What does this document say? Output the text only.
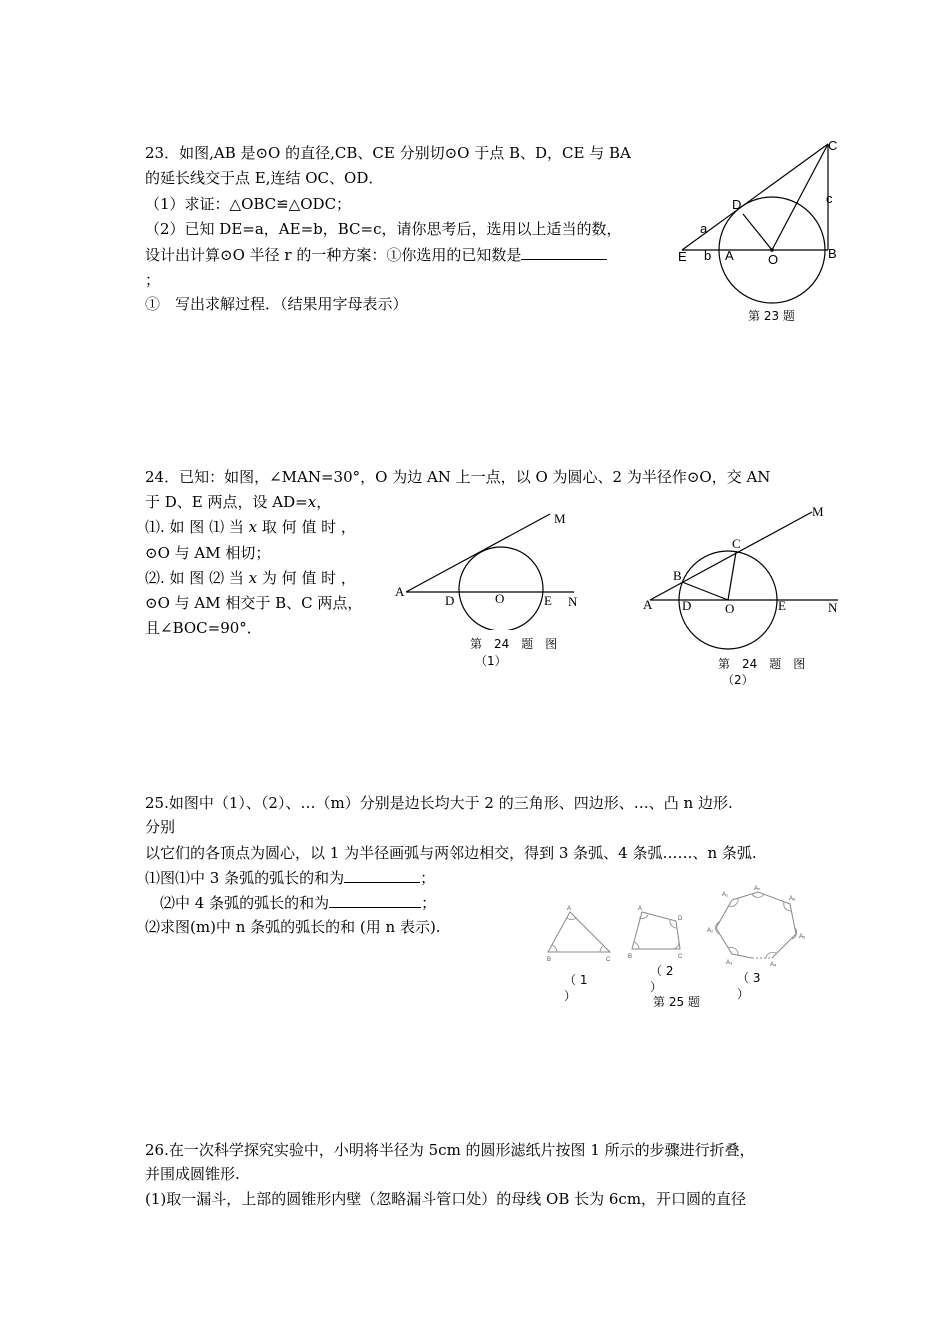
23．如图,AB 是⊙O 的直径,CB、CE 分别切⊙O 于点 B、D，CE 与 BA
的延长线交于点 E,连结 OC、OD．
（1）求证：△OBC≌△ODC；
（2）已知 DE=a，AE=b，BC=c，请你思考后，选用以上适当的数，
设计出计算⊙O 半径 r 的一种方案：①你选用的已知数是
；
①　写出求解过程．（结果用字母表示）
C
c
D
a
E b A	O	B
第 23 题
24．已知：如图，∠MAN=30°，O 为边 AN 上一点，以 O 为圆心、2 为半径作⊙O，交 AN
于 D、E 两点，设 AD=x，
⑴. 如 图 ⑴ 当 x 取 何 值 时 ，
⊙O 与 AM 相切；
⑵. 如 图 ⑵ 当 x 为 何 值 时 ，
⊙O 与 AM 相交于 B、C 两点，
且∠BOC=90°．
M
A
D	O	E N
第　24　题　图
（1）
M
C
B
A D	O	E	N
第　24　题　图
（2）
25.如图中（1）、（2）、…（m）分别是边长均大于 2 的三角形、四边形、…、凸 n 边形.
分别
以它们的各顶点为圆心，以 1 为半径画弧与两邻边相交，得到 3 条弧、4 条弧……、n 条弧.
⑴图⑴中 3 条弧的弧长的和为	；
⑵中 4 条弧的弧长的和为	；
⑵求图(m)中 n 条弧的弧长的和 (用 n 表示).
A
B	C
A
D
B	C
A₁
Aₙ
A₆
A₂
A₅
A₃	A₄
（ 1
）
（ 2
）
（ 3
）
第 25 题
26.在一次科学探究实验中，小明将半径为 5cm 的圆形滤纸片按图 1 所示的步骤进行折叠，
并围成圆锥形.
(1)取一漏斗，上部的圆锥形内壁（忽略漏斗管口处）的母线 OB 长为 6cm，开口圆的直径
